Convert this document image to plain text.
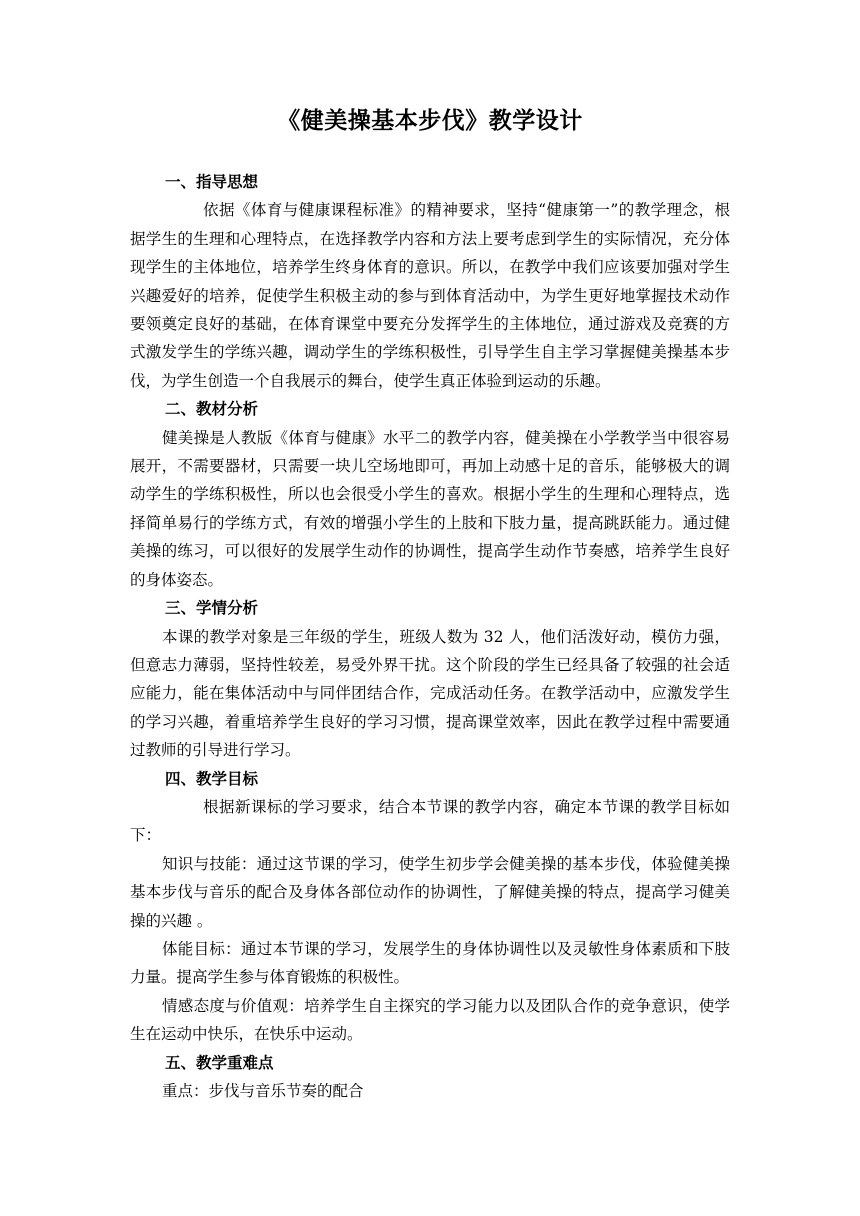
《健美操基本步伐》教学设计

一、指导思想

依据《体育与健康课程标准》的精神要求，坚持“健康第一”的教学理念，根据学生的生理和心理特点，在选择教学内容和方法上要考虑到学生的实际情况，充分体现学生的主体地位，培养学生终身体育的意识。所以，在教学中我们应该要加强对学生兴趣爱好的培养，促使学生积极主动的参与到体育活动中，为学生更好地掌握技术动作要领奠定良好的基础，在体育课堂中要充分发挥学生的主体地位，通过游戏及竞赛的方式激发学生的学练兴趣，调动学生的学练积极性，引导学生自主学习掌握健美操基本步伐，为学生创造一个自我展示的舞台，使学生真正体验到运动的乐趣。

二、教材分析

健美操是人教版《体育与健康》水平二的教学内容，健美操在小学教学当中很容易展开，不需要器材，只需要一块儿空场地即可，再加上动感十足的音乐，能够极大的调动学生的学练积极性，所以也会很受小学生的喜欢。根据小学生的生理和心理特点，选择简单易行的学练方式，有效的增强小学生的上肢和下肢力量，提高跳跃能力。通过健美操的练习，可以很好的发展学生动作的协调性，提高学生动作节奏感，培养学生良好的身体姿态。

三、学情分析

本课的教学对象是三年级的学生，班级人数为 32 人，他们活泼好动，模仿力强，但意志力薄弱，坚持性较差，易受外界干扰。这个阶段的学生已经具备了较强的社会适应能力，能在集体活动中与同伴团结合作，完成活动任务。在教学活动中，应激发学生的学习兴趣，着重培养学生良好的学习习惯，提高课堂效率，因此在教学过程中需要通过教师的引导进行学习。

四、教学目标

根据新课标的学习要求，结合本节课的教学内容，确定本节课的教学目标如下：

知识与技能：通过这节课的学习，使学生初步学会健美操的基本步伐，体验健美操基本步伐与音乐的配合及身体各部位动作的协调性，了解健美操的特点，提高学习健美操的兴趣 。

体能目标：通过本节课的学习，发展学生的身体协调性以及灵敏性身体素质和下肢力量。提高学生参与体育锻炼的积极性。

情感态度与价值观：培养学生自主探究的学习能力以及团队合作的竞争意识，使学生在运动中快乐，在快乐中运动。

五、教学重难点

重点：步伐与音乐节奏的配合
